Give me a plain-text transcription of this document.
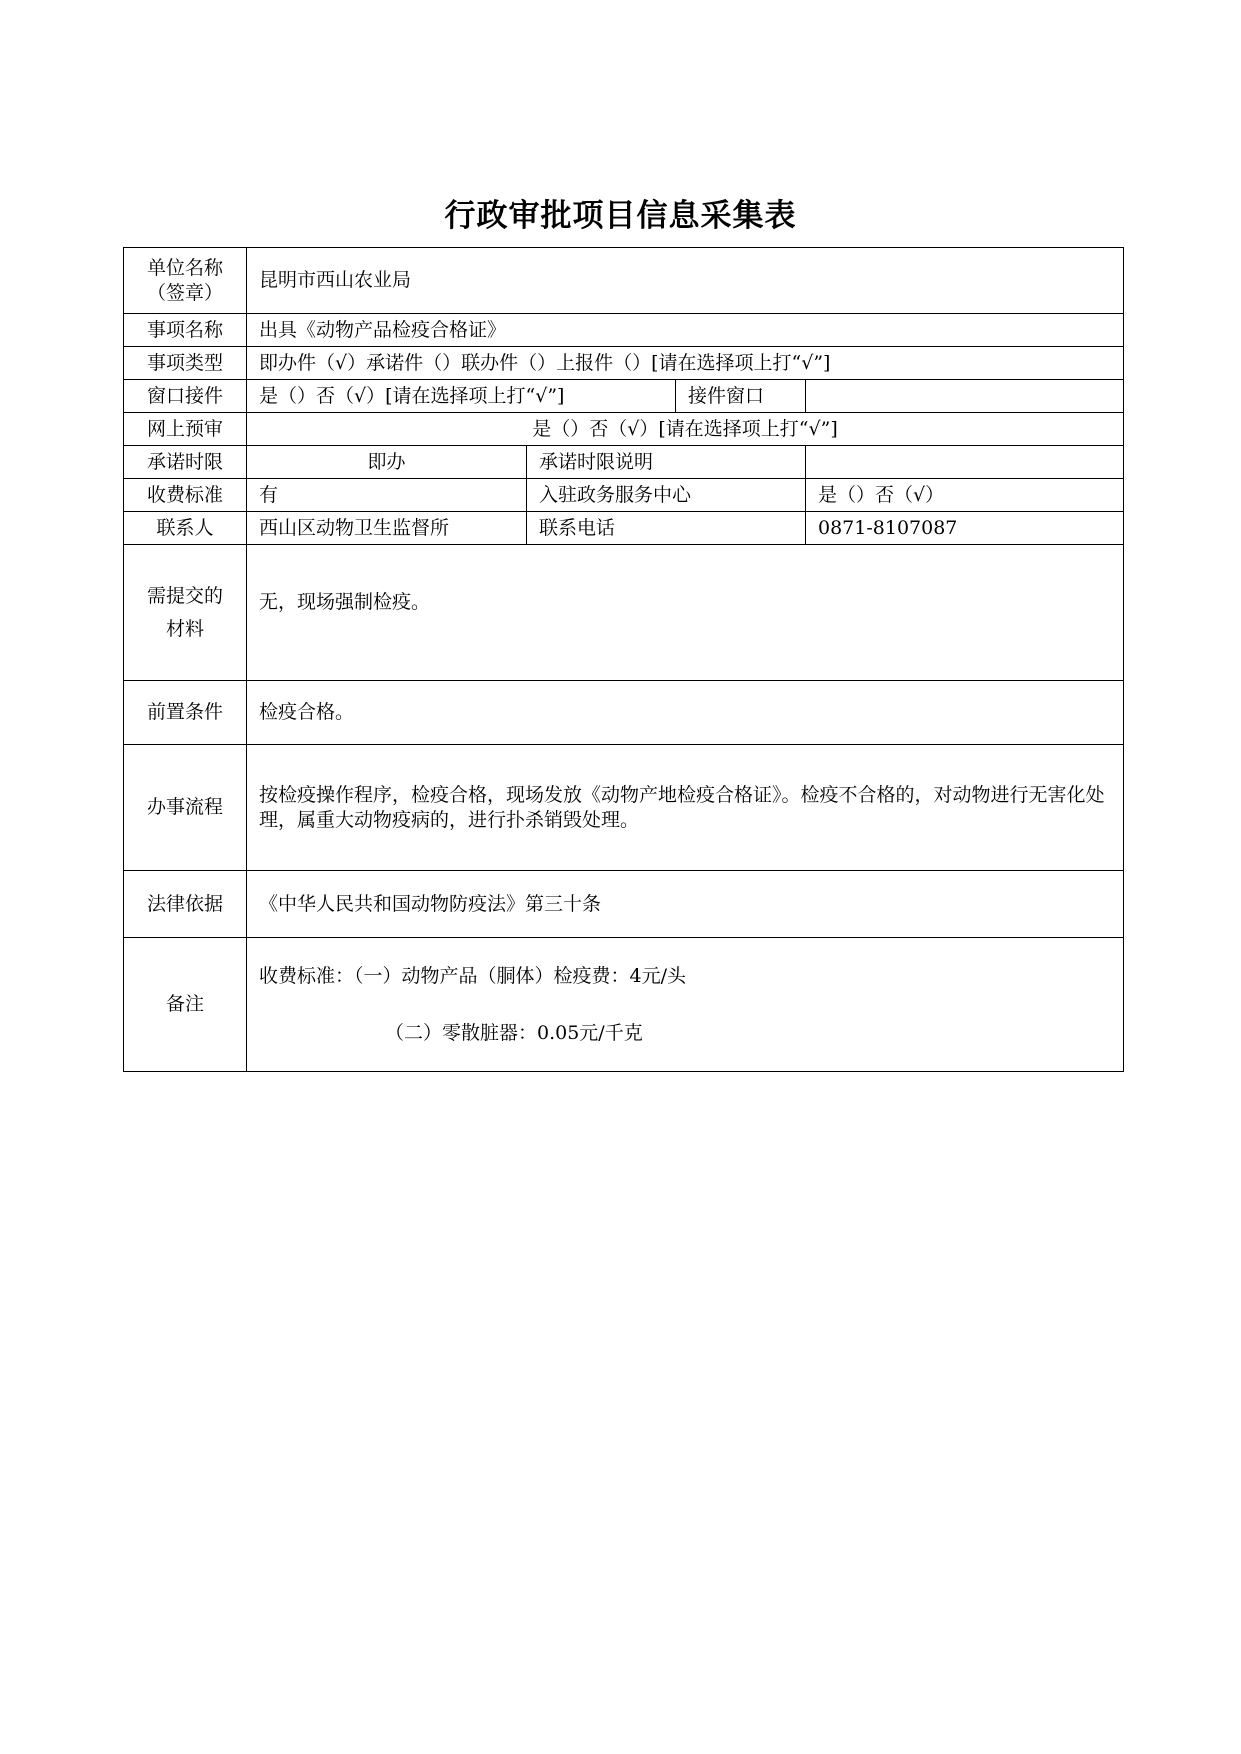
行政审批项目信息采集表
单位名称
（签章）	昆明市西山农业局			
事项名称	出具《动物产品检疫合格证》			
事项类型	即办件（√）承诺件（）联办件（）上报件（）[请在选择项上打“√”]			
窗口接件	是（）否（√）[请在选择项上打“√”]		接件窗口	
网上预审	是（）否（√）[请在选择项上打“√”]			
承诺时限	即办	承诺时限说明		
收费标准	有	入驻政务服务中心		是（）否（√）
联系人	西山区动物卫生监督所	联系电话		0871-8107087

需提交的
材料	无，现场强制检疫。			
前置条件	检疫合格。			
办事流程	按检疫操作程序，检疫合格，现场发放《动物产地检疫合格证》。检疫不合格的，对动物进行无害化处理，属重大动物疫病的，进行扑杀销毁处理。			
法律依据	《中华人民共和国动物防疫法》第三十条			
备注	收费标准：（一）动物产品（胴体）检疫费：4元/头
（二）零散脏器：0.05元/千克			
